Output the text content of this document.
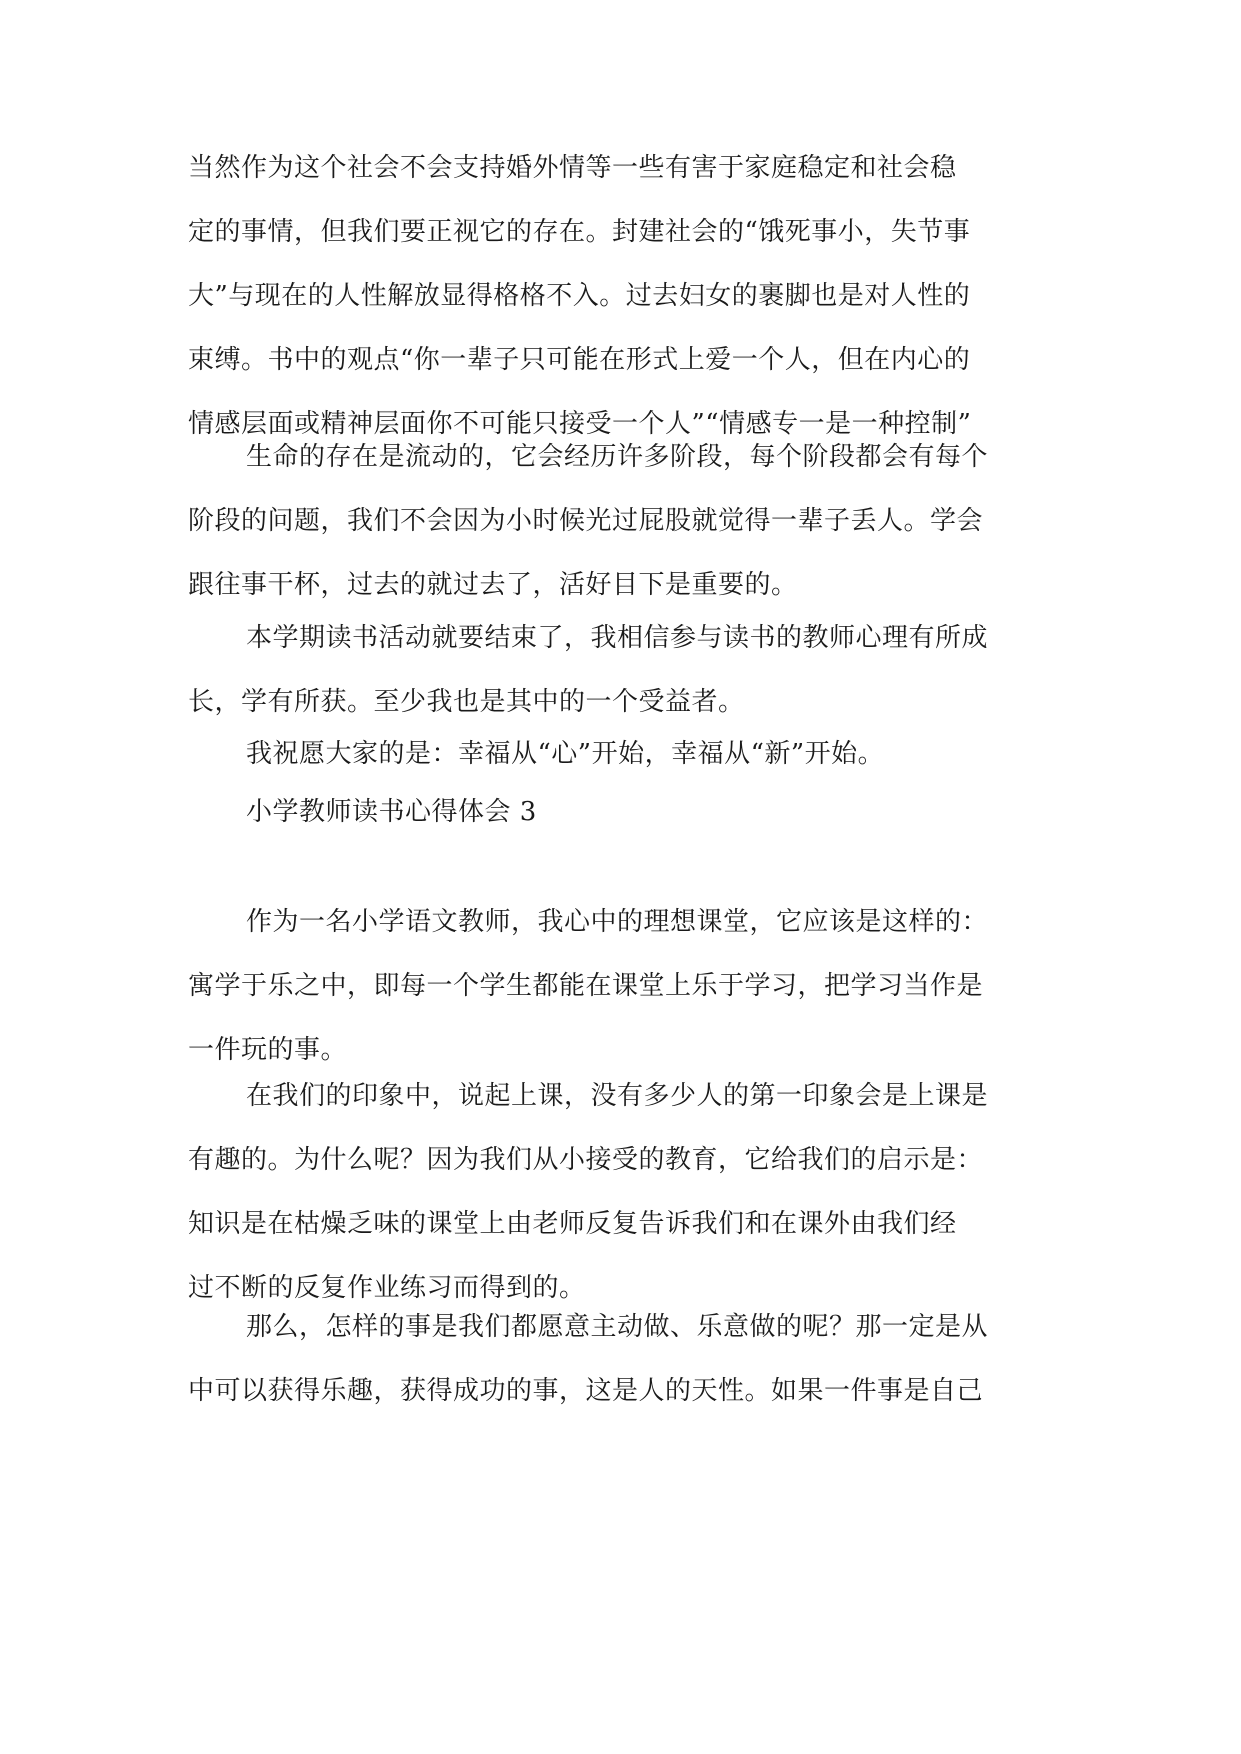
当然作为这个社会不会支持婚外情等一些有害于家庭稳定和社会稳
定的事情，但我们要正视它的存在。封建社会的“饿死事小，失节事
大”与现在的人性解放显得格格不入。过去妇女的裹脚也是对人性的
束缚。书中的观点“你一辈子只可能在形式上爱一个人，但在内心的
情感层面或精神层面你不可能只接受一个人”“情感专一是一种控制”
生命的存在是流动的，它会经历许多阶段，每个阶段都会有每个
阶段的问题，我们不会因为小时候光过屁股就觉得一辈子丢人。学会
跟往事干杯，过去的就过去了，活好目下是重要的。
本学期读书活动就要结束了，我相信参与读书的教师心理有所成
长，学有所获。至少我也是其中的一个受益者。
我祝愿大家的是：幸福从“心”开始，幸福从“新”开始。
小学教师读书心得体会 3
作为一名小学语文教师，我心中的理想课堂，它应该是这样的：
寓学于乐之中，即每一个学生都能在课堂上乐于学习，把学习当作是
一件玩的事。
在我们的印象中，说起上课，没有多少人的第一印象会是上课是
有趣的。为什么呢？因为我们从小接受的教育，它给我们的启示是：
知识是在枯燥乏味的课堂上由老师反复告诉我们和在课外由我们经
过不断的反复作业练习而得到的。
那么，怎样的事是我们都愿意主动做、乐意做的呢？那一定是从
中可以获得乐趣，获得成功的事，这是人的天性。如果一件事是自己
